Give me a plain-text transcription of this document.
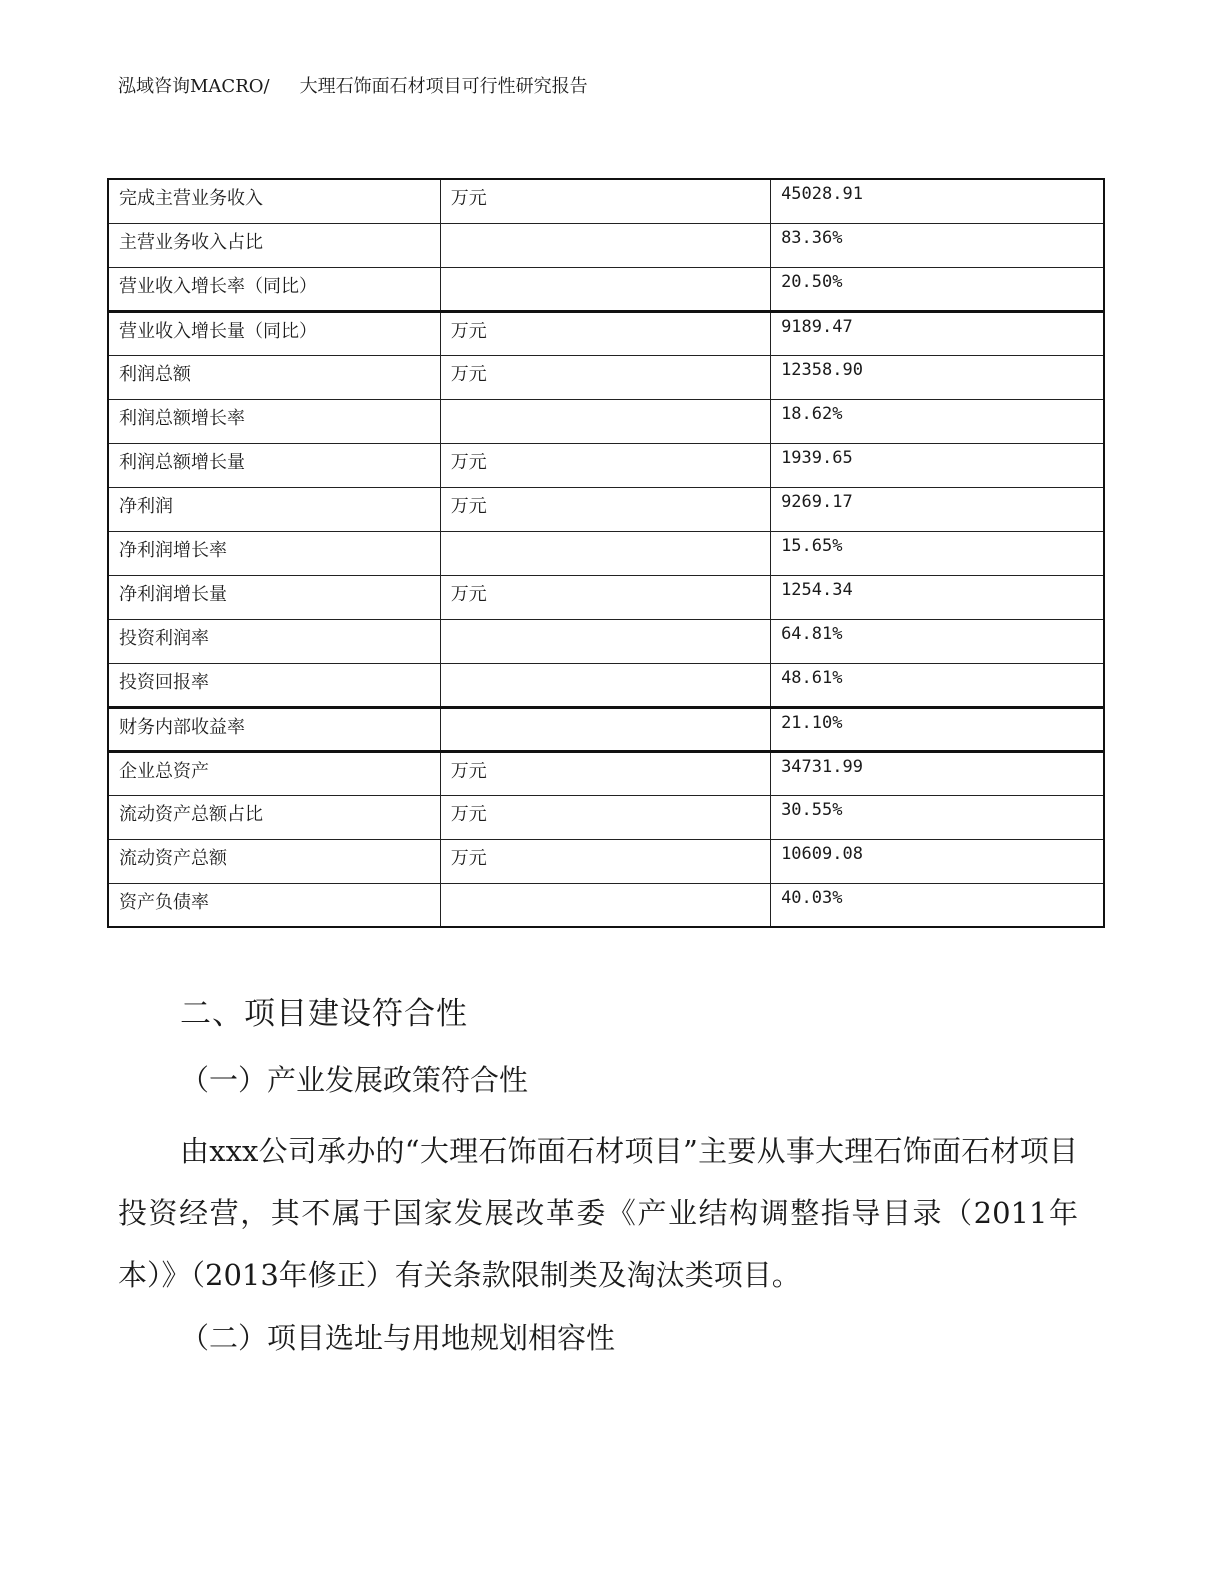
泓域咨询MACRO/ 大理石饰面石材项目可行性研究报告
完成主营业务收入	万元	45028.91
主营业务收入占比		83.36%
营业收入增长率（同比）		20.50%
营业收入增长量（同比）	万元	9189.47
利润总额	万元	12358.90
利润总额增长率		18.62%
利润总额增长量	万元	1939.65
净利润	万元	9269.17
净利润增长率		15.65%
净利润增长量	万元	1254.34
投资利润率		64.81%
投资回报率		48.61%
财务内部收益率		21.10%
企业总资产	万元	34731.99
流动资产总额占比	万元	30.55%
流动资产总额	万元	10609.08
资产负债率		40.03%
二、项目建设符合性
（一）产业发展政策符合性
由xxx公司承办的“大理石饰面石材项目”主要从事大理石饰面石材项目投资经营，其不属于国家发展改革委《产业结构调整指导目录（2011年本）》（2013年修正）有关条款限制类及淘汰类项目。
（二）项目选址与用地规划相容性
